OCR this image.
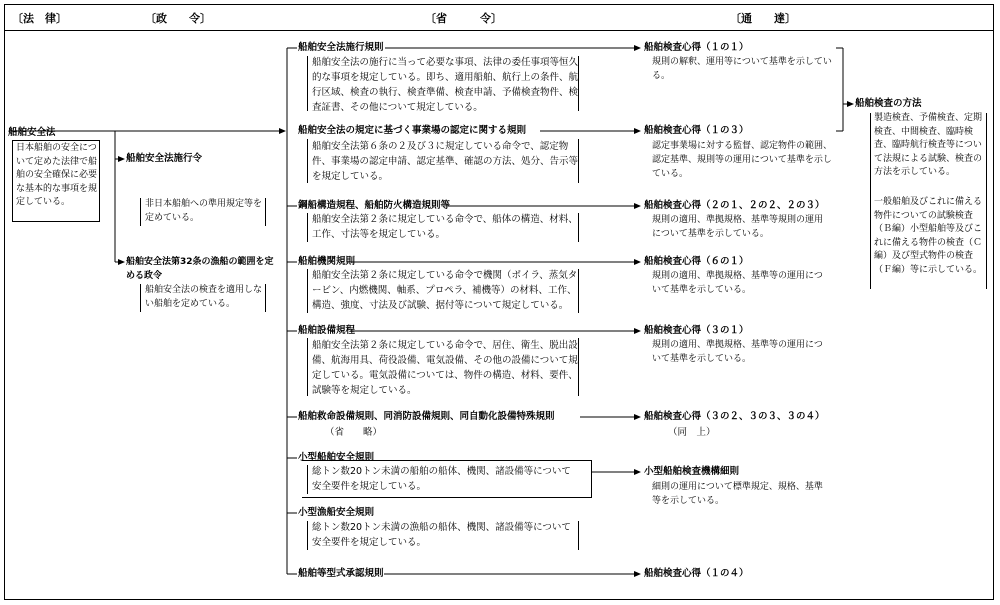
〔法　律〕	〔政　　令〕	〔省　　　令〕	〔通　　達〕
船舶安全法
日本船舶の安全について定めた法律で船舶の安全確保に必要な基本的な事項を規定している。
船舶安全法施行令
非日本船舶への準用規定等を定めている。
船舶安全法第32条の漁船の範囲を定める政令
船舶安全法の検査を適用しない船舶を定めている。
船舶安全法施行規則
船舶安全法の施行に当って必要な事項、法律の委任事項等恒久的な事項を規定している。即ち、適用船舶、航行上の条件、航行区域、検査の執行、検査準備、検査申請、予備検査物件、検査証書、その他について規定している。
船舶安全法の規定に基づく事業場の認定に関する規則
船舶安全法第６条の２及び３に規定している命令で、認定物件、事業場の認定申請、認定基準、確認の方法、処分、告示等を規定している。
鋼船構造規程、船舶防火構造規則等
船舶安全法第２条に規定している命令で、船体の構造、材料、工作、寸法等を規定している。
船舶機関規則
船舶安全法第２条に規定している命令で機関（ボイラ、蒸気タービン、内燃機関、軸系、プロペラ、補機等）の材料、工作、構造、強度、寸法及び試験、据付等について規定している。
船舶設備規程
船舶安全法第２条に規定している命令で、居住、衛生、脱出設備、航海用具、荷役設備、電気設備、その他の設備について規定している。電気設備については、物件の構造、材料、要件、試験等を規定している。
船舶救命設備規則、同消防設備規則、同自動化設備特殊規則
（省　　略）
小型船舶安全規則
総トン数20トン未満の船舶の船体、機関、諸設備等について安全要件を規定している。
小型漁船安全規則
総トン数20トン未満の漁船の船体、機関、諸設備等について安全要件を規定している。
船舶等型式承認規則
船舶検査心得（１の１）
規則の解釈、運用等について基準を示している。
船舶検査心得（１の３）
認定事業場に対する監督、認定物件の範囲、認定基準、規則等の運用について基準を示している。
船舶検査心得（２の１、２の２、２の３）
規則の適用、準拠規格、基準等規則の運用について基準を示している。
船舶検査心得（６の１）
規則の適用、準拠規格、基準等の運用について基準を示している。
船舶検査心得（３の１）
規則の適用、準拠規格、基準等の運用について基準を示している。
船舶検査心得（３の２、３の３、３の４）
（同　上）
小型船舶検査機構細則
細則の運用について標準規定、規格、基準等を示している。
船舶検査心得（１の４）
船舶検査の方法
製造検査、予備検査、定期検査、中間検査、臨時検査、臨時航行検査等について法規による試験、検査の方法を示している。
一般船舶及びこれに備える物件についての試験検査（Ｂ編）小型船舶等及びこれに備える物件の検査（Ｃ編）及び型式物件の検査（Ｆ編）等に示している。
